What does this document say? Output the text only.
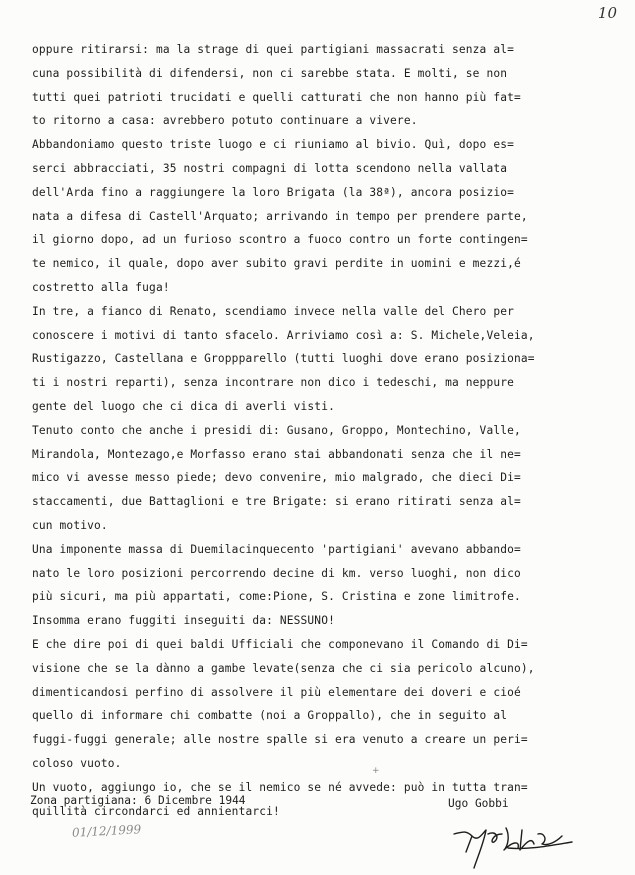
10
oppure ritirarsi: ma la strage di quei partigiani massacrati senza al=
cuna possibilità di difendersi, non ci sarebbe stata. E molti, se non
tutti quei patrioti trucidati e quelli catturati che non hanno più fat=
to ritorno a casa: avrebbero potuto continuare a vivere.
Abbandoniamo questo triste luogo e ci riuniamo al bivio. Quì, dopo es=
serci abbracciati, 35 nostri compagni di lotta scendono nella vallata
dell'Arda fino a raggiungere la loro Brigata (la 38ª), ancora posizio=
nata a difesa di Castell'Arquato; arrivando in tempo per prendere parte,
il giorno dopo, ad un furioso scontro a fuoco contro un forte contingen=
te nemico, il quale, dopo aver subito gravi perdite in uomini e mezzi,é
costretto alla fuga!
In tre, a fianco di Renato, scendiamo invece nella valle del Chero per
conoscere i motivi di tanto sfacelo. Arriviamo così a: S. Michele,Veleia,
Rustigazzo, Castellana e Groppparello (tutti luoghi dove erano posiziona=
ti i nostri reparti), senza incontrare non dico i tedeschi, ma neppure
gente del luogo che ci dica di averli visti.
Tenuto conto che anche i presidi di: Gusano, Groppo, Montechino, Valle,
Mirandola, Montezago,e Morfasso erano stai abbandonati senza che il ne=
mico vi avesse messo piede; devo convenire, mio malgrado, che dieci Di=
staccamenti, due Battaglioni e tre Brigate: si erano ritirati senza al=
cun motivo.
Una imponente massa di Duemilacinquecento 'partigiani' avevano abbando=
nato le loro posizioni percorrendo decine di km. verso luoghi, non dico
più sicuri, ma più appartati, come:Pione, S. Cristina e zone limitrofe.
Insomma erano fuggiti inseguiti da: NESSUNO!
E che dire poi di quei baldi Ufficiali che componevano il Comando di Di=
visione che se la dànno a gambe levate(senza che ci sia pericolo alcuno),
dimenticandosi perfino di assolvere il più elementare dei doveri e cioé
quello di informare chi combatte (noi a Groppallo), che in seguito al
fuggi-fuggi generale; alle nostre spalle si era venuto a creare un peri=
coloso vuoto.
Un vuoto, aggiungo io, che se il nemico se né avvede: può in tutta tran=
quillità circondarci ed annientarci!
+
Zona partigiana: 6 Dicembre 1944	Ugo Gobbi
01/12/1999
